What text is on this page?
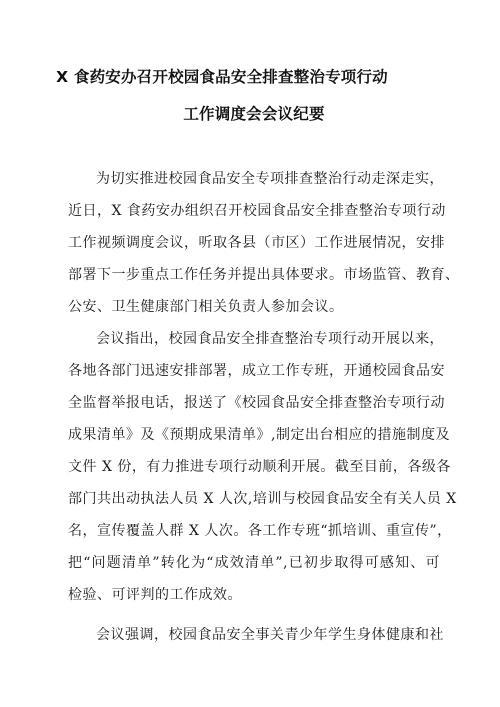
X 食药安办召开校园食品安全排查整治专项行动
工作调度会会议纪要
为切实推进校园食品安全专项排查整治行动走深走实，
近日，X 食药安办组织召开校园食品安全排查整治专项行动
工作视频调度会议，听取各县（市区）工作进展情况，安排
部署下一步重点工作任务并提出具体要求。市场监管、教育、
公安、卫生健康部门相关负责人参加会议。
会议指出，校园食品安全排查整治专项行动开展以来，
各地各部门迅速安排部署，成立工作专班，开通校园食品安
全监督举报电话，报送了《校园食品安全排查整治专项行动
成果清单》及《预期成果清单》,制定出台相应的措施制度及
文件 X 份，有力推进专项行动顺利开展。截至目前，各级各
部门共出动执法人员 X 人次,培训与校园食品安全有关人员 X
名，宣传覆盖人群 X 人次。各工作专班“抓培训、重宣传”，
把“问题清单”转化为“成效清单”,已初步取得可感知、可
检验、可评判的工作成效。
会议强调，校园食品安全事关青少年学生身体健康和社
